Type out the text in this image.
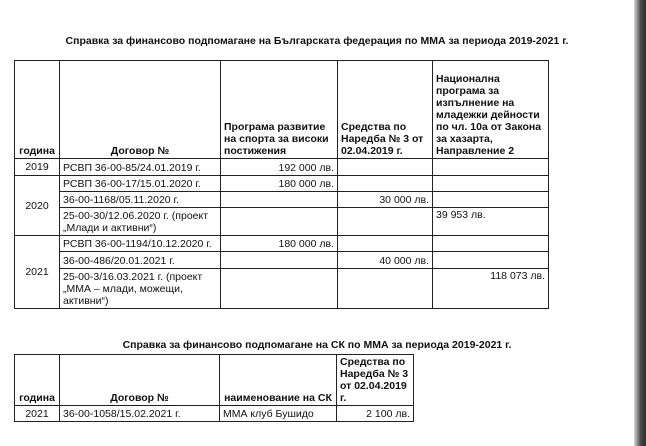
Справка за финансово подпомагане на Българската федерация по ММА за периода 2019-2021 г.
година	Договор №	Програма развитие на спорта за високи постижения	Средства по Наредба № 3 от 02.04.2019 г.	Национална програма за изпълнение на младежки дейности по чл. 10а от Закона за хазарта, Направление 2
2019	РСВП 36-00-85/24.01.2019 г.	192 000 лв.		
2020	РСВП 36-00-17/15.01.2020 г.	180 000 лв.		
	36-00-1168/05.11.2020 г.		30 000 лв.	
	25-00-30/12.06.2020 г. (проект „Млади и активни“)			39 953 лв.
2021	РСВП 36-00-1194/10.12.2020 г.	180 000 лв.		
	36-00-486/20.01.2021 г.		40 000 лв.	
	25-00-3/16.03.2021 г. (проект „ММА – млади, можещи, активни“)			118 073 лв.
Справка за финансово подпомагане на СК по ММА за периода 2019-2021 г.
година	Договор №	наименование на СК	Средства по Наредба № 3 от 02.04.2019 г.
2021	36-00-1058/15.02.2021 г.	ММА клуб Бушидо	2 100 лв.
